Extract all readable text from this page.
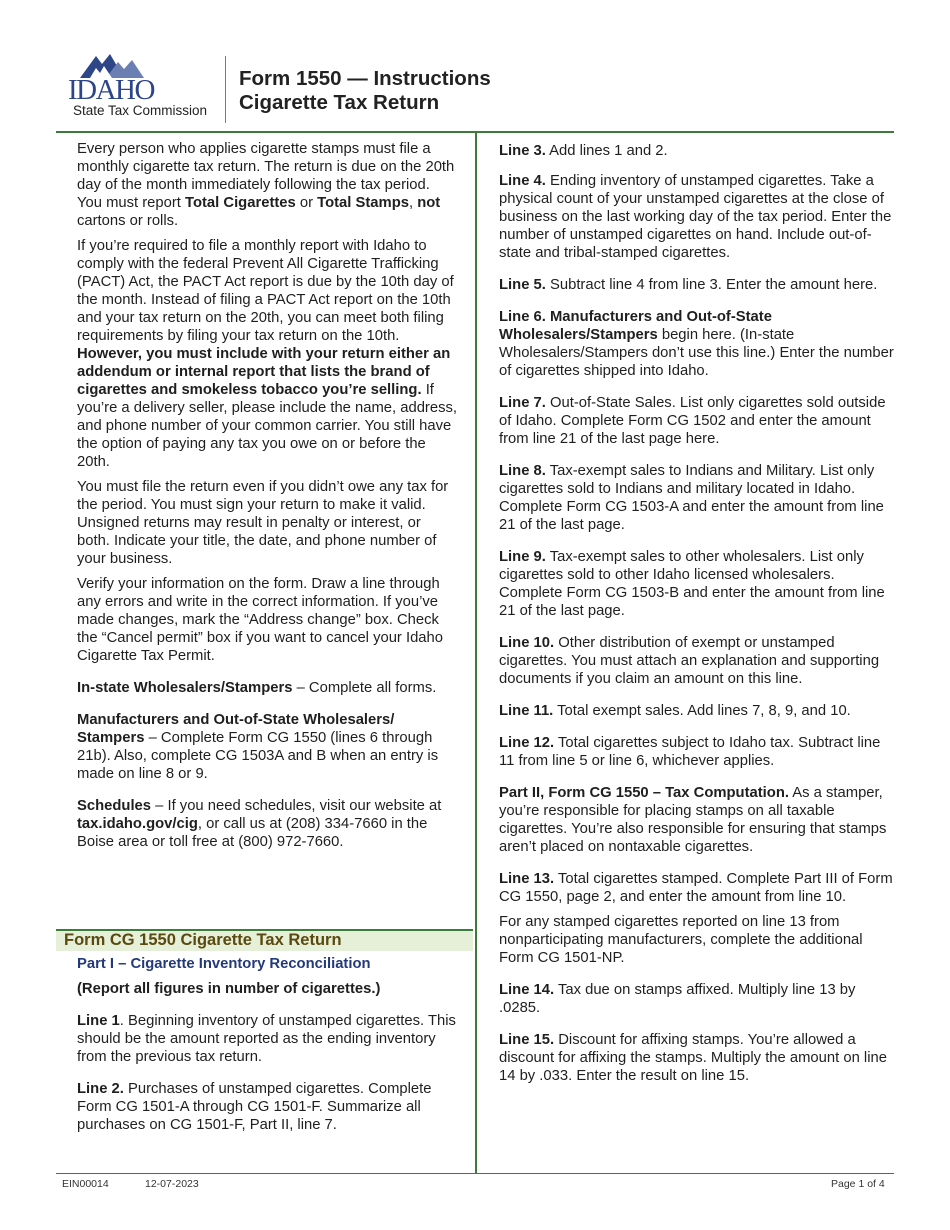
IDAHO
State Tax Commission
Form 1550 — Instructions
Cigarette Tax Return

Every person who applies cigarette stamps must file a monthly cigarette tax return. The return is due on the 20th day of the month immediately following the tax period. You must report Total Cigarettes or Total Stamps, not cartons or rolls.

If you’re required to file a monthly report with Idaho to comply with the federal Prevent All Cigarette Trafficking (PACT) Act, the PACT Act report is due by the 10th day of the month. Instead of filing a PACT Act report on the 10th and your tax return on the 20th, you can meet both filing requirements by filing your tax return on the 10th. However, you must include with your return either an addendum or internal report that lists the brand of cigarettes and smokeless tobacco you’re selling. If you’re a delivery seller, please include the name, address, and phone number of your common carrier. You still have the option of paying any tax you owe on or before the 20th.

You must file the return even if you didn’t owe any tax for the period. You must sign your return to make it valid. Unsigned returns may result in penalty or interest, or both. Indicate your title, the date, and phone number of your business.

Verify your information on the form. Draw a line through any errors and write in the correct information. If you’ve made changes, mark the “Address change” box. Check the “Cancel permit” box if you want to cancel your Idaho Cigarette Tax Permit.

In-state Wholesalers/Stampers – Complete all forms.

Manufacturers and Out-of-State Wholesalers/ Stampers – Complete Form CG 1550 (lines 6 through 21b). Also, complete CG 1503A and B when an entry is made on line 8 or 9.

Schedules – If you need schedules, visit our website at tax.idaho.gov/cig, or call us at (208) 334-7660 in the Boise area or toll free at (800) 972-7660.

Form CG 1550 Cigarette Tax Return
Part I – Cigarette Inventory Reconciliation

(Report all figures in number of cigarettes.)

Line 1. Beginning inventory of unstamped cigarettes. This should be the amount reported as the ending inventory from the previous tax return.

Line 2. Purchases of unstamped cigarettes. Complete Form CG 1501-A through CG 1501-F. Summarize all purchases on CG 1501-F, Part II, line 7.

Line 3. Add lines 1 and 2.

Line 4. Ending inventory of unstamped cigarettes. Take a physical count of your unstamped cigarettes at the close of business on the last working day of the tax period. Enter the number of unstamped cigarettes on hand. Include out-of-state and tribal-stamped cigarettes.

Line 5. Subtract line 4 from line 3. Enter the amount here.

Line 6. Manufacturers and Out-of-State Wholesalers/Stampers begin here. (In-state Wholesalers/Stampers don’t use this line.) Enter the number of cigarettes shipped into Idaho.

Line 7. Out-of-State Sales. List only cigarettes sold outside of Idaho. Complete Form CG 1502 and enter the amount from line 21 of the last page here.

Line 8. Tax-exempt sales to Indians and Military. List only cigarettes sold to Indians and military located in Idaho. Complete Form CG 1503-A and enter the amount from line 21 of the last page.

Line 9. Tax-exempt sales to other wholesalers. List only cigarettes sold to other Idaho licensed wholesalers. Complete Form CG 1503-B and enter the amount from line 21 of the last page.

Line 10. Other distribution of exempt or unstamped cigarettes. You must attach an explanation and supporting documents if you claim an amount on this line.

Line 11. Total exempt sales. Add lines 7, 8, 9, and 10.

Line 12. Total cigarettes subject to Idaho tax. Subtract line 11 from line 5 or line 6, whichever applies.

Part II, Form CG 1550 – Tax Computation. As a stamper, you’re responsible for placing stamps on all taxable cigarettes. You’re also responsible for ensuring that stamps aren’t placed on nontaxable cigarettes.

Line 13. Total cigarettes stamped. Complete Part III of Form CG 1550, page 2, and enter the amount from line 10.

For any stamped cigarettes reported on line 13 from nonparticipating manufacturers, complete the additional Form CG 1501-NP.

Line 14. Tax due on stamps affixed. Multiply line 13 by .0285.

Line 15. Discount for affixing stamps. You’re allowed a discount for affixing the stamps. Multiply the amount on line 14 by .033. Enter the result on line 15.

EIN00014	12-07-2023	Page 1 of 4
